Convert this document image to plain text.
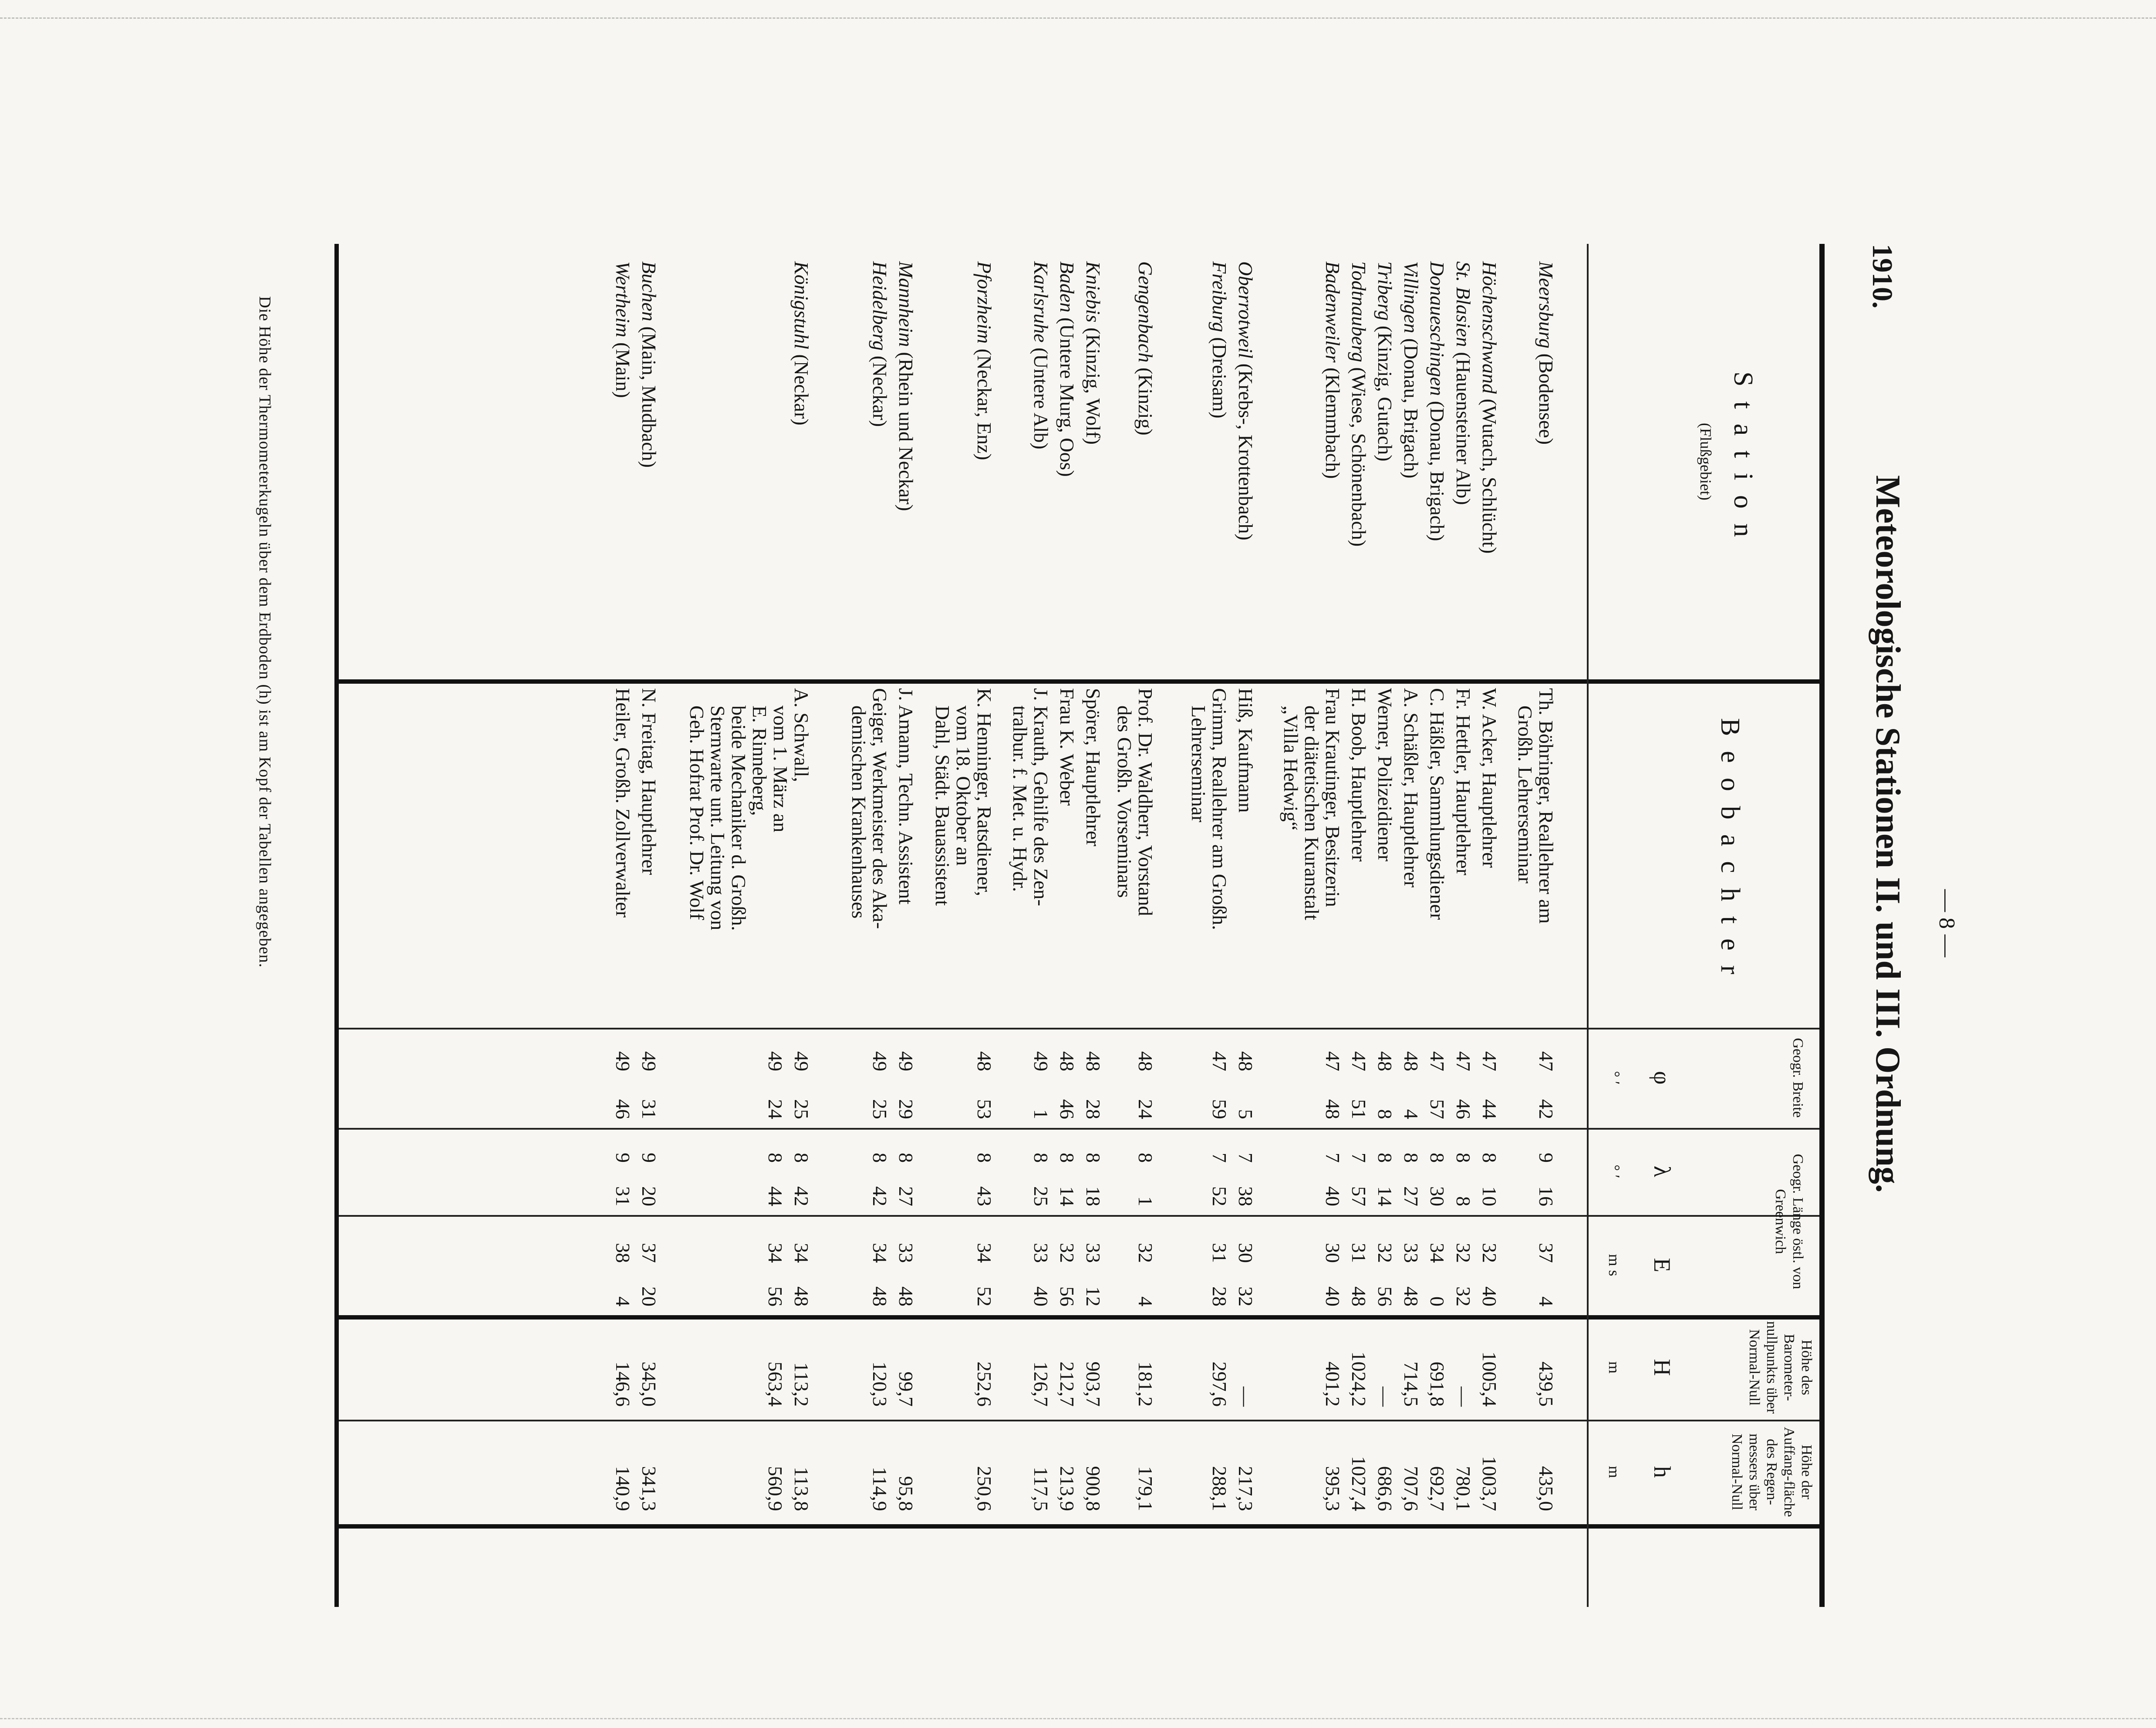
— 8 —
1910.
Meteorologische Stationen II. und III. Ordnung.
Station
(Flußgebiet)
Beobachter
Geogr. Breite
Geogr. Länge östl. von Greenwich
Höhe des Barometer-nullpunkts über Normal-Null
Höhe der Auffang-fläche des Regen-messers über Normal-Null
φ
λ
E
H
h
° ′
° ′
m s
m
m
Meersburg (Bodensee)
Th. Böhringer, Reallehrer am
Großh. Lehrerseminar
47
42
9
16
37
4
439,5
435,0
Höchenschwand (Wutach, Schlücht)
W. Acker, Hauptlehrer
47
44
8
10
32
40
1005,4
1003,7
St. Blasien (Hauensteiner Alb)
Fr. Hettler, Hauptlehrer
47
46
8
8
32
32
—
780,1
Donaueschingen (Donau, Brigach)
C. Häßler, Sammlungsdiener
47
57
8
30
34
0
691,8
692,7
Villingen (Donau, Brigach)
A. Schäßler, Hauptlehrer
48
4
8
27
33
48
714,5
707,6
Triberg (Kinzig, Gutach)
Werner, Polizeidiener
48
8
8
14
32
56
—
686,6
Todtnauberg (Wiese, Schönenbach)
H. Boob, Hauptlehrer
47
51
7
57
31
48
1024,2
1027,4
Badenweiler (Klemmbach)
Frau Krautinger, Besitzerin
der diätetischen Kuranstalt
„Villa Hedwig“
47
48
7
40
30
40
401,2
395,3
Oberrotweil (Krebs-, Krottenbach)
Hiß, Kaufmann
48
5
7
38
30
32
—
217,3
Freiburg (Dreisam)
Grimm, Reallehrer am Großh.
Lehrerseminar
47
59
7
52
31
28
297,6
288,1
Gengenbach (Kinzig)
Prof. Dr. Waldherr, Vorstand
des Großh. Vorseminars
48
24
8
1
32
4
181,2
179,1
Kniebis (Kinzig, Wolf)
Spörer, Hauptlehrer
48
28
8
18
33
12
903,7
900,8
Baden (Untere Murg, Oos)
Frau K. Weber
48
46
8
14
32
56
212,7
213,9
Karlsruhe (Untere Alb)
J. Krauth, Gehilfe des Zen-
tralbur. f. Met. u. Hydr.
49
1
8
25
33
40
126,7
117,5
Pforzheim (Neckar, Enz)
K. Henninger, Ratsdiener,
vom 18. Oktober an
Dahl, Städt. Bauassistent
48
53
8
43
34
52
252,6
250,6
Mannheim (Rhein und Neckar)
J. Amann, Techn. Assistent
49
29
8
27
33
48
99,7
95,8
Heidelberg (Neckar)
Geiger, Werkmeister des Aka-
demischen Krankenhauses
49
25
8
42
34
48
120,3
114,9
Königstuhl (Neckar)
A. Schwall,
vom 1. März an
E. Rinneberg,
beide Mechaniker d. Großh.
Sternwarte unt. Leitung von
Geh. Hofrat Prof. Dr. Wolf
49
25
8
42
34
48
113,2
113,8
49
24
8
44
34
56
563,4
560,9
Buchen (Main, Mudbach)
N. Freitag, Hauptlehrer
49
31
9
20
37
20
345,0
341,3
Wertheim (Main)
Heiler, Großh. Zollverwalter
49
46
9
31
38
4
146,6
140,9
Die Höhe der Thermometerkugeln über dem Erdboden (h) ist am Kopf der Tabellen angegeben.
